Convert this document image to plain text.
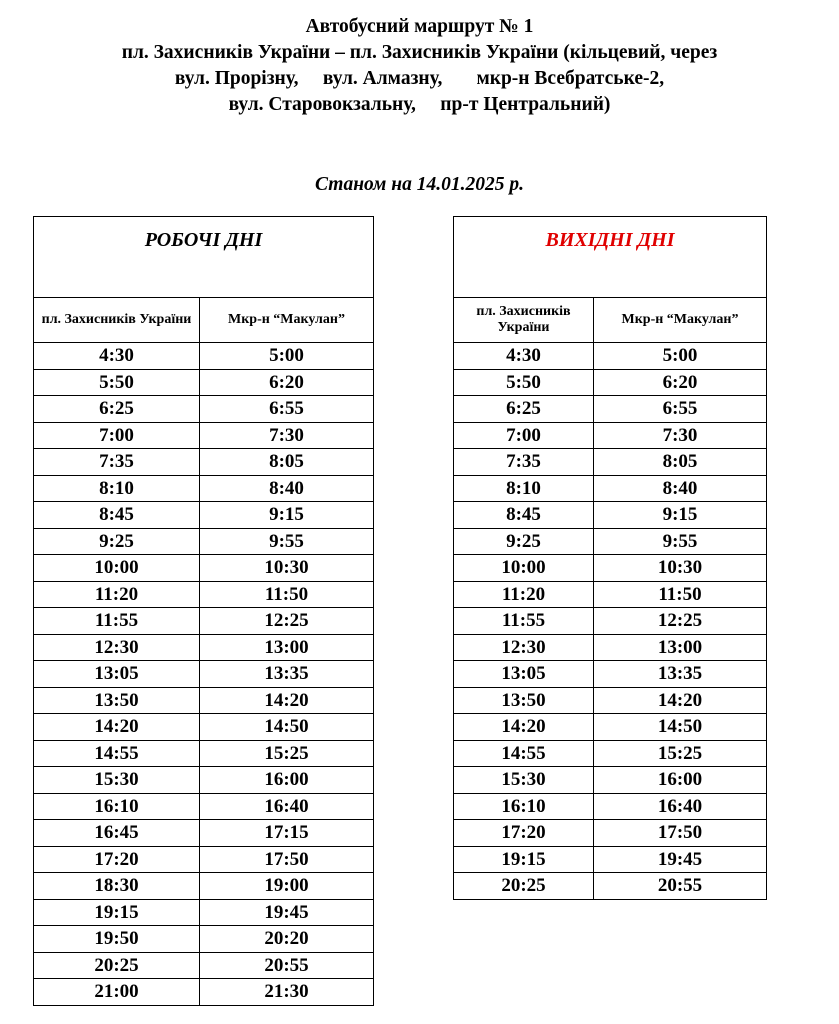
Автобусний маршрут № 1
пл. Захисників України – пл. Захисників України (кільцевий, через
вул. Прорізну,     вул. Алмазну,       мкр-н Всебратське-2,
вул. Старовокзальну,     пр-т Центральний)
Станом на 14.01.2025 р.
РОБОЧІ ДНІ	
пл. Захисників України	Мкр-н “Макулан”
4:30	5:00
5:50	6:20
6:25	6:55
7:00	7:30
7:35	8:05
8:10	8:40
8:45	9:15
9:25	9:55
10:00	10:30
11:20	11:50
11:55	12:25
12:30	13:00
13:05	13:35
13:50	14:20
14:20	14:50
14:55	15:25
15:30	16:00
16:10	16:40
16:45	17:15
17:20	17:50
18:30	19:00
19:15	19:45
19:50	20:20
20:25	20:55
21:00	21:30
ВИХІДНІ ДНІ	
пл. Захисників України	Мкр-н “Макулан”
4:30	5:00
5:50	6:20
6:25	6:55
7:00	7:30
7:35	8:05
8:10	8:40
8:45	9:15
9:25	9:55
10:00	10:30
11:20	11:50
11:55	12:25
12:30	13:00
13:05	13:35
13:50	14:20
14:20	14:50
14:55	15:25
15:30	16:00
16:10	16:40
17:20	17:50
19:15	19:45
20:25	20:55
